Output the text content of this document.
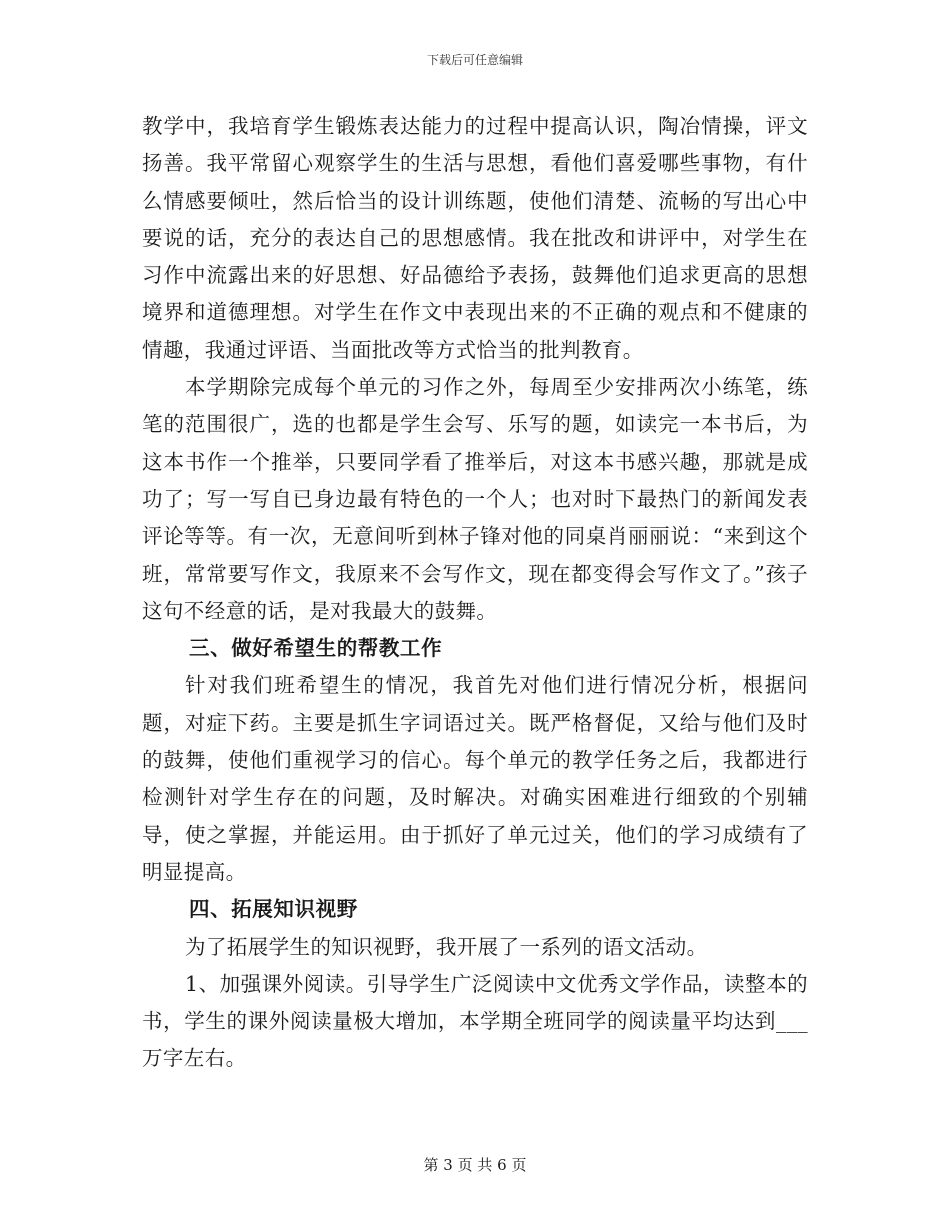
下载后可任意编辑

教学中，我培育学生锻炼表达能力的过程中提高认识，陶冶情操，评文扬善。我平常留心观察学生的生活与思想，看他们喜爱哪些事物，有什么情感要倾吐，然后恰当的设计训练题，使他们清楚、流畅的写出心中要说的话，充分的表达自己的思想感情。我在批改和讲评中，对学生在习作中流露出来的好思想、好品德给予表扬，鼓舞他们追求更高的思想境界和道德理想。对学生在作文中表现出来的不正确的观点和不健康的情趣，我通过评语、当面批改等方式恰当的批判教育。

本学期除完成每个单元的习作之外，每周至少安排两次小练笔，练笔的范围很广，选的也都是学生会写、乐写的题，如读完一本书后，为这本书作一个推举，只要同学看了推举后，对这本书感兴趣，那就是成功了；写一写自已身边最有特色的一个人；也对时下最热门的新闻发表评论等等。有一次，无意间听到林子锋对他的同桌肖丽丽说：“来到这个班，常常要写作文，我原来不会写作文，现在都变得会写作文了。”孩子这句不经意的话，是对我最大的鼓舞。

三、做好希望生的帮教工作

针对我们班希望生的情况，我首先对他们进行情况分析，根据问题，对症下药。主要是抓生字词语过关。既严格督促，又给与他们及时的鼓舞，使他们重视学习的信心。每个单元的教学任务之后，我都进行检测针对学生存在的问题，及时解决。对确实困难进行细致的个别辅导，使之掌握，并能运用。由于抓好了单元过关，他们的学习成绩有了明显提高。

四、拓展知识视野

为了拓展学生的知识视野，我开展了一系列的语文活动。

1、加强课外阅读。引导学生广泛阅读中文优秀文学作品，读整本的书，学生的课外阅读量极大增加，本学期全班同学的阅读量平均达到___万字左右。

第 3 页 共 6 页
